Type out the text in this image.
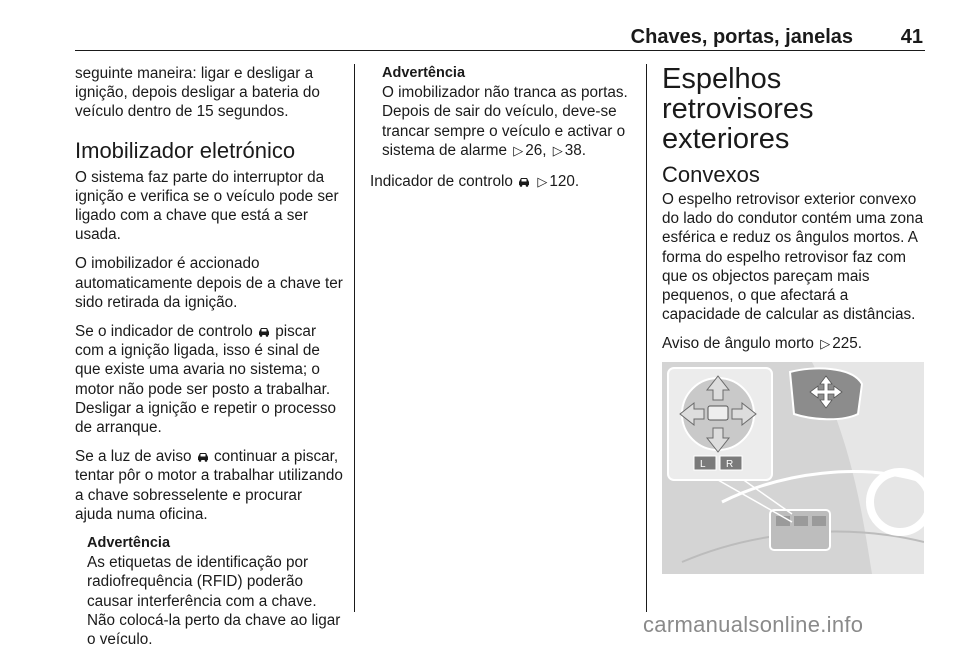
Chaves, portas, janelas 41

seguinte maneira: ligar e desligar a ignição, depois desligar a bateria do veículo dentro de 15 segundos.

Imobilizador eletrónico

O sistema faz parte do interruptor da ignição e verifica se o veículo pode ser ligado com a chave que está a ser usada.

O imobilizador é accionado automaticamente depois de a chave ter sido retirada da ignição.

Se o indicador de controlo piscar com a ignição ligada, isso é sinal de que existe uma avaria no sistema; o motor não pode ser posto a trabalhar. Desligar a ignição e repetir o processo de arranque.

Se a luz de aviso continuar a piscar, tentar pôr o motor a trabalhar utilizando a chave sobresselente e procurar ajuda numa oficina.

Advertência
As etiquetas de identificação por radiofrequência (RFID) poderão causar interferência com a chave. Não colocá-la perto da chave ao ligar o veículo.
Advertência
O imobilizador não tranca as portas. Depois de sair do veículo, deve-se trancar sempre o veículo e activar o sistema de alarme ▷ 26, ▷ 38.

Indicador de controlo ▷ 120.

Espelhos retrovisores exteriores
Convexos

O espelho retrovisor exterior convexo do lado do condutor contém uma zona esférica e reduz os ângulos mortos. A forma do espelho retrovisor faz com que os objectos pareçam mais pequenos, o que afectará a capacidade de calcular as distâncias.

Aviso de ângulo morto ▷ 225.

L R
carmanualsonline.info
